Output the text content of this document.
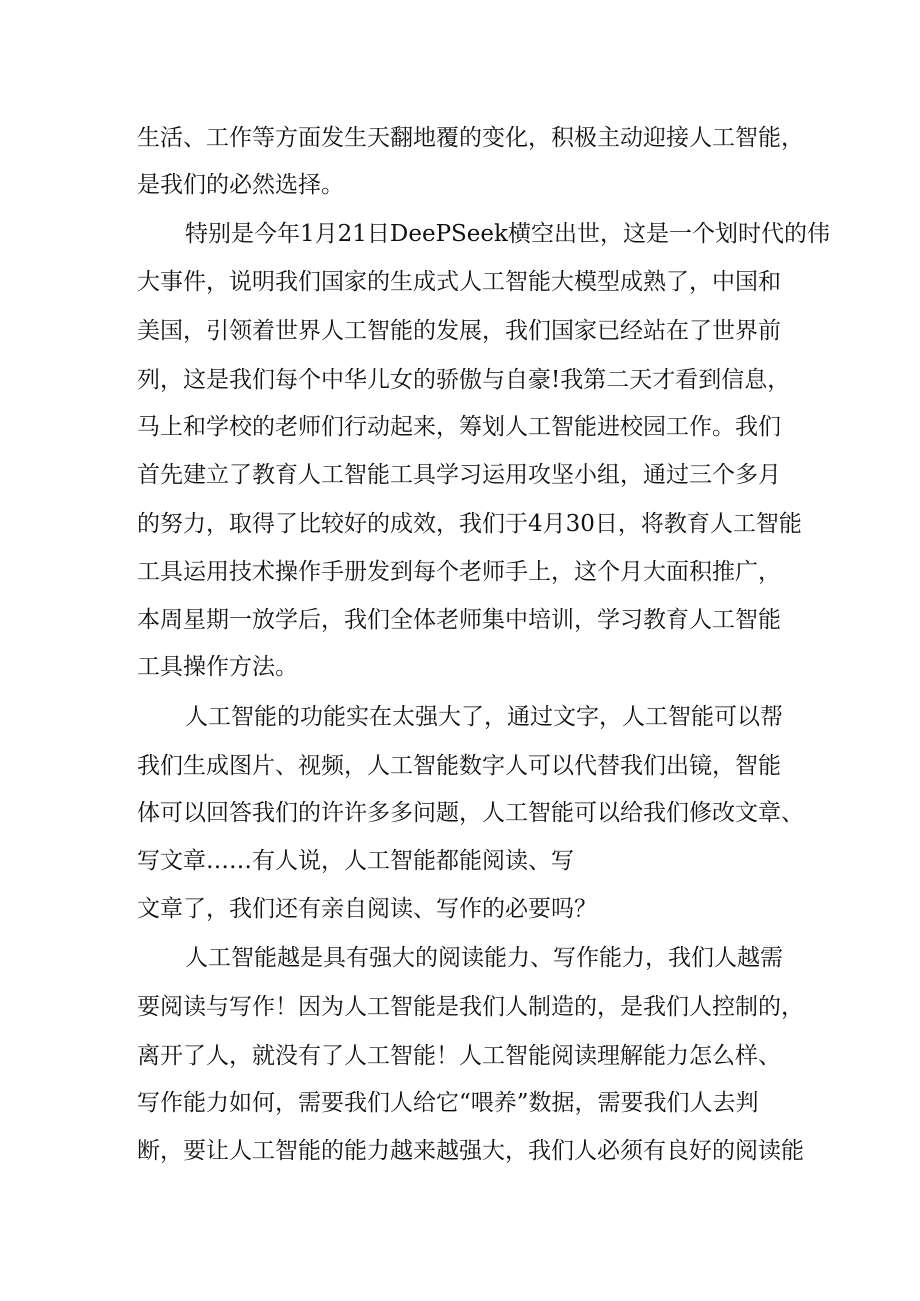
生活、工作等方面发生天翻地覆的变化，积极主动迎接人工智能，

是我们的必然选择。

特别是今年1月21日DeePSeek横空出世，这是一个划时代的伟

大事件，说明我们国家的生成式人工智能大模型成熟了，中国和

美国，引领着世界人工智能的发展，我们国家已经站在了世界前

列，这是我们每个中华儿女的骄傲与自豪!我第二天才看到信息，

马上和学校的老师们行动起来，筹划人工智能进校园工作。我们

首先建立了教育人工智能工具学习运用攻坚小组，通过三个多月

的努力，取得了比较好的成效，我们于4月30日，将教育人工智能

工具运用技术操作手册发到每个老师手上，这个月大面积推广，

本周星期一放学后，我们全体老师集中培训，学习教育人工智能

工具操作方法。

人工智能的功能实在太强大了，通过文字，人工智能可以帮

我们生成图片、视频，人工智能数字人可以代替我们出镜，智能

体可以回答我们的许许多多问题，人工智能可以给我们修改文章、

写文章……有人说，人工智能都能阅读、写

文章了，我们还有亲自阅读、写作的必要吗？

人工智能越是具有强大的阅读能力、写作能力，我们人越需

要阅读与写作！因为人工智能是我们人制造的，是我们人控制的，

离开了人，就没有了人工智能！人工智能阅读理解能力怎么样、

写作能力如何，需要我们人给它“喂养”数据，需要我们人去判

断，要让人工智能的能力越来越强大，我们人必须有良好的阅读能
